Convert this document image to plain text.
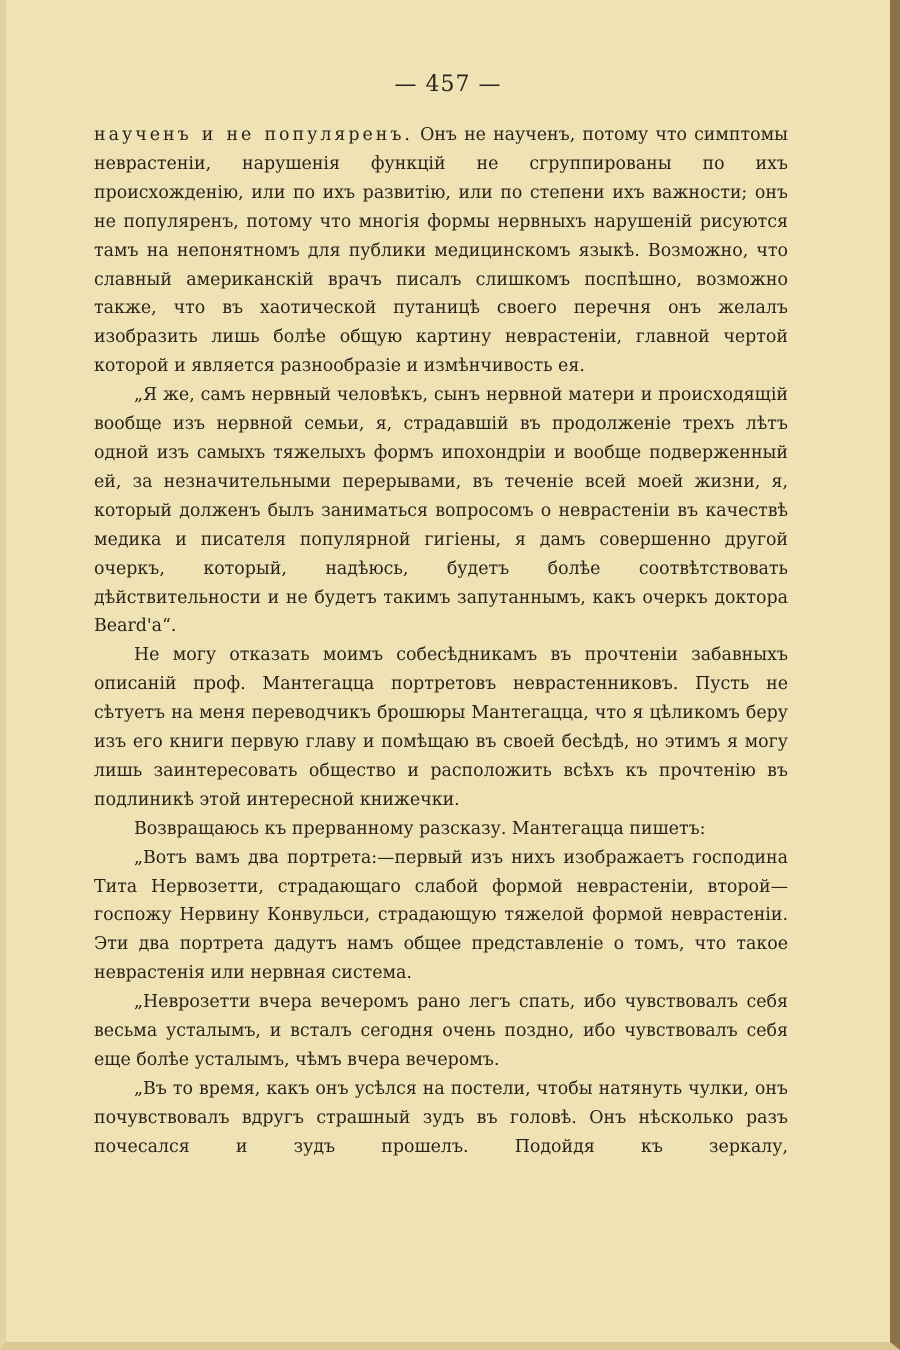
— 457 —

наученъ и не популяренъ. Онъ не наученъ, потому что симптомы неврастеніи, нарушенія функцій не сгруппированы по ихъ происхожденію, или по ихъ развитію, или по степени ихъ важности; онъ не популяренъ, потому что многія формы нервныхъ нарушеній рисуются тамъ на непонятномъ для публики медицинскомъ языкѣ. Возможно, что славный американскій врачъ писалъ слишкомъ поспѣшно, возможно также, что въ хаотической путаницѣ своего перечня онъ желалъ изобразить лишь болѣе общую картину неврастеніи, главной чертой которой и является разнообразіе и измѣнчивость ея.

„Я же, самъ нервный человѣкъ, сынъ нервной матери и происходящій вообще изъ нервной семьи, я, страдавшій въ продолженіе трехъ лѣтъ одной изъ самыхъ тяжелыхъ формъ ипохондріи и вообще подверженный ей, за незначительными перерывами, въ теченіе всей моей жизни, я, который долженъ былъ заниматься вопросомъ о неврастеніи въ качествѣ медика и писателя популярной гигіены, я дамъ совершенно другой очеркъ, который, надѣюсь, будетъ болѣе соотвѣтствовать дѣйствительности и не будетъ такимъ запутаннымъ, какъ очеркъ доктора Beard'a“.

Не могу отказать моимъ собесѣдникамъ въ прочтеніи забавныхъ описаній проф. Мантегацца портретовъ неврастенниковъ. Пусть не сѣтуетъ на меня переводчикъ брошюры Мантегацца, что я цѣликомъ беру изъ его книги первую главу и помѣщаю въ своей бесѣдѣ, но этимъ я могу лишь заинтересовать общество и расположить всѣхъ къ прочтенію въ подлиникѣ этой интересной книжечки.

Возвращаюсь къ прерванному разсказу. Мантегацца пишетъ:

„Вотъ вамъ два портрета:—первый изъ нихъ изображаетъ господина Тита Нервозетти, страдающаго слабой формой неврастеніи, второй—госпожу Нервину Конвульси, страдающую тяжелой формой неврастеніи. Эти два портрета дадутъ намъ общее представленіе о томъ, что такое неврастенія или нервная система.

„Неврозетти вчера вечеромъ рано легъ спать, ибо чувствовалъ себя весьма усталымъ, и всталъ сегодня очень поздно, ибо чувствовалъ себя еще болѣе усталымъ, чѣмъ вчера вечеромъ.

„Въ то время, какъ онъ усѣлся на постели, чтобы натянуть чулки, онъ почувствовалъ вдругъ страшный зудъ въ головѣ. Онъ нѣсколько разъ почесался и зудъ прошелъ. Подойдя къ зеркалу,
